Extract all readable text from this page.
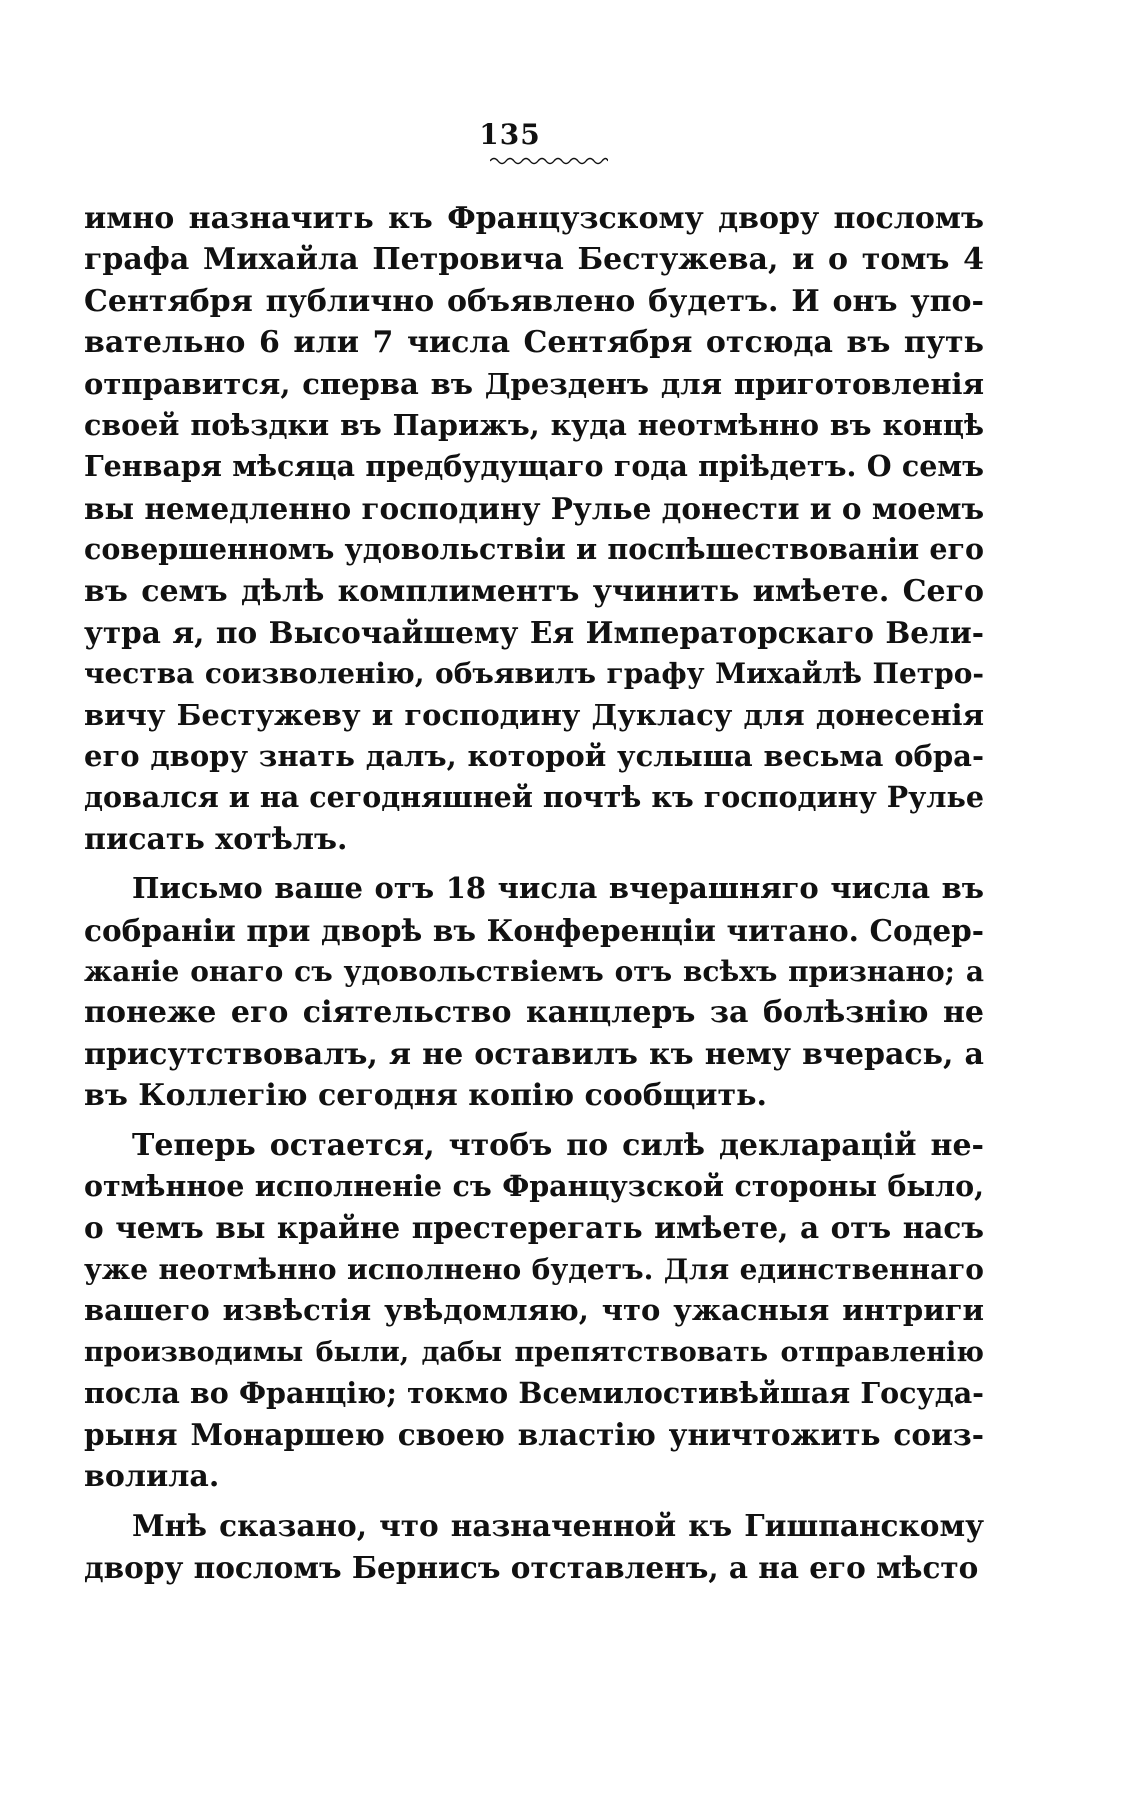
135
имно назначить къ Французскому двору посломъ
графа Михайла Петровича Бестужева, и о томъ 4
Сентября публично объявлено будетъ. И онъ упо-
вательно 6 или 7 числа Сентября отсюда въ путь
отправится, сперва въ Дрезденъ для приготовленія
своей поѣздки въ Парижъ, куда неотмѣнно въ концѣ
Генваря мѣсяца предбудущаго года пріѣдетъ. О семъ
вы немедленно господину Рулье донести и о моемъ
совершенномъ удовольствіи и поспѣшествованіи его
въ семъ дѣлѣ комплиментъ учинить имѣете. Сего
утра я, по Высочайшему Ея Императорскаго Вели-
чества соизволенію, объявилъ графу Михайлѣ Петро-
вичу Бестужеву и господину Дукласу для донесенія
его двору знать далъ, которой услыша весьма обра-
довался и на сегодняшней почтѣ къ господину Рулье
писать хотѣлъ.
Письмо ваше отъ 18 числа вчерашняго числа въ
собраніи при дворѣ въ Конференціи читано. Содер-
жаніе онаго съ удовольствіемъ отъ всѣхъ признано; а
понеже его сіятельство канцлеръ за болѣзнію не
присутствовалъ, я не оставилъ къ нему вчерась, а
въ Коллегію сегодня копію сообщить.
Теперь остается, чтобъ по силѣ декларацій не-
отмѣнное исполненіе съ Французской стороны было,
о чемъ вы крайне престерегать имѣете, а отъ насъ
уже неотмѣнно исполнено будетъ. Для единственнаго
вашего извѣстія увѣдомляю, что ужасныя интриги
производимы были, дабы препятствовать отправленію
посла во Францію; токмо Всемилостивѣйшая Госуда-
рыня Монаршею своею властію уничтожить соиз-
волила.
Мнѣ сказано, что назначенной къ Гишпанскому
двору посломъ Бернисъ отставленъ, а на его мѣсто
